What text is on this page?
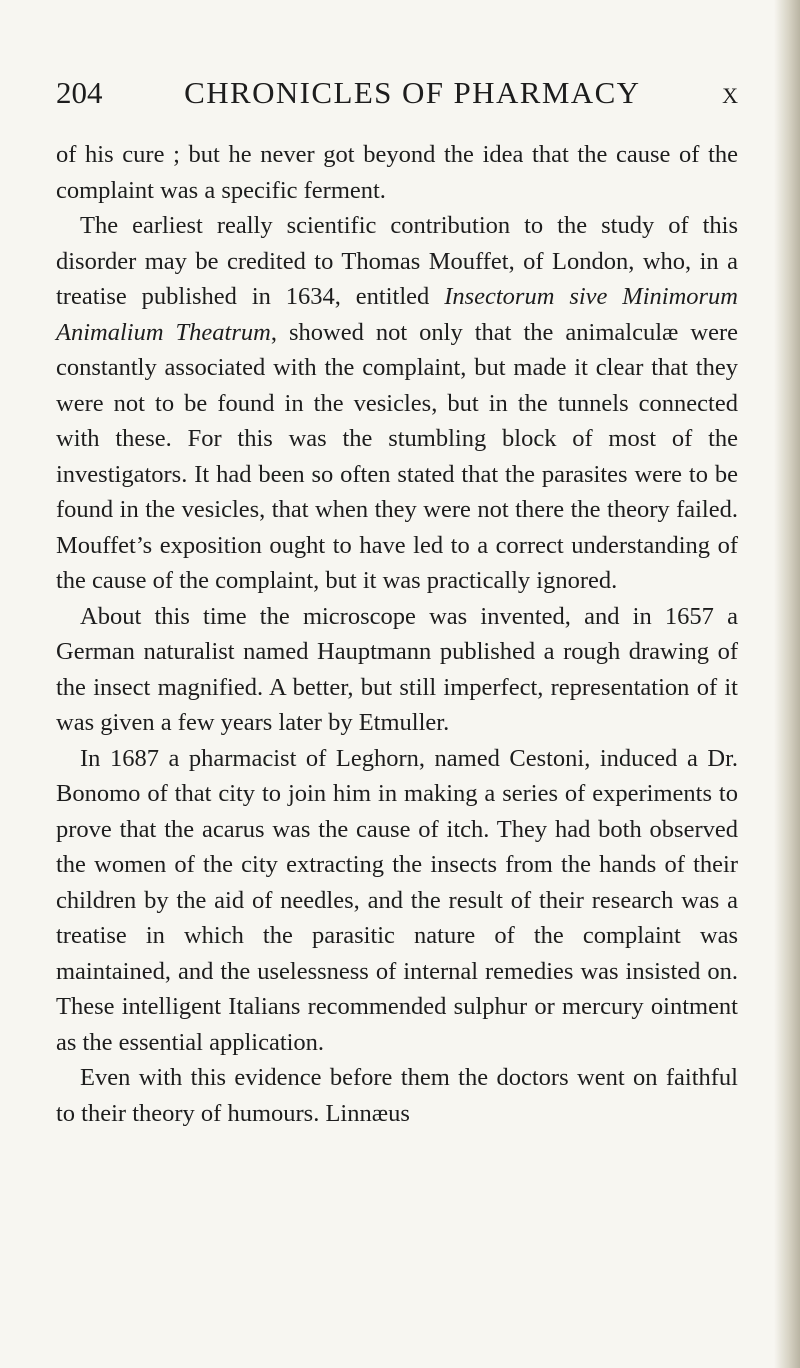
204	CHRONICLES OF PHARMACY	X

of his cure ; but he never got beyond the idea that the cause of the complaint was a specific ferment.

The earliest really scientific contribution to the study of this disorder may be credited to Thomas Mouffet, of London, who, in a treatise published in 1634, entitled Insectorum sive Minimorum Animalium Theatrum, showed not only that the animalculæ were constantly associated with the complaint, but made it clear that they were not to be found in the vesicles, but in the tunnels connected with these. For this was the stumbling block of most of the investigators. It had been so often stated that the parasites were to be found in the vesicles, that when they were not there the theory failed. Mouffet’s exposition ought to have led to a correct understanding of the cause of the complaint, but it was practically ignored.

About this time the microscope was invented, and in 1657 a German naturalist named Hauptmann published a rough drawing of the insect magnified. A better, but still imperfect, representation of it was given a few years later by Etmuller.

In 1687 a pharmacist of Leghorn, named Cestoni, induced a Dr. Bonomo of that city to join him in making a series of experiments to prove that the acarus was the cause of itch. They had both observed the women of the city extracting the insects from the hands of their children by the aid of needles, and the result of their research was a treatise in which the parasitic nature of the complaint was maintained, and the uselessness of internal remedies was insisted on. These intelligent Italians recommended sulphur or mercury ointment as the essential application.

Even with this evidence before them the doctors went on faithful to their theory of humours. Linnæus
